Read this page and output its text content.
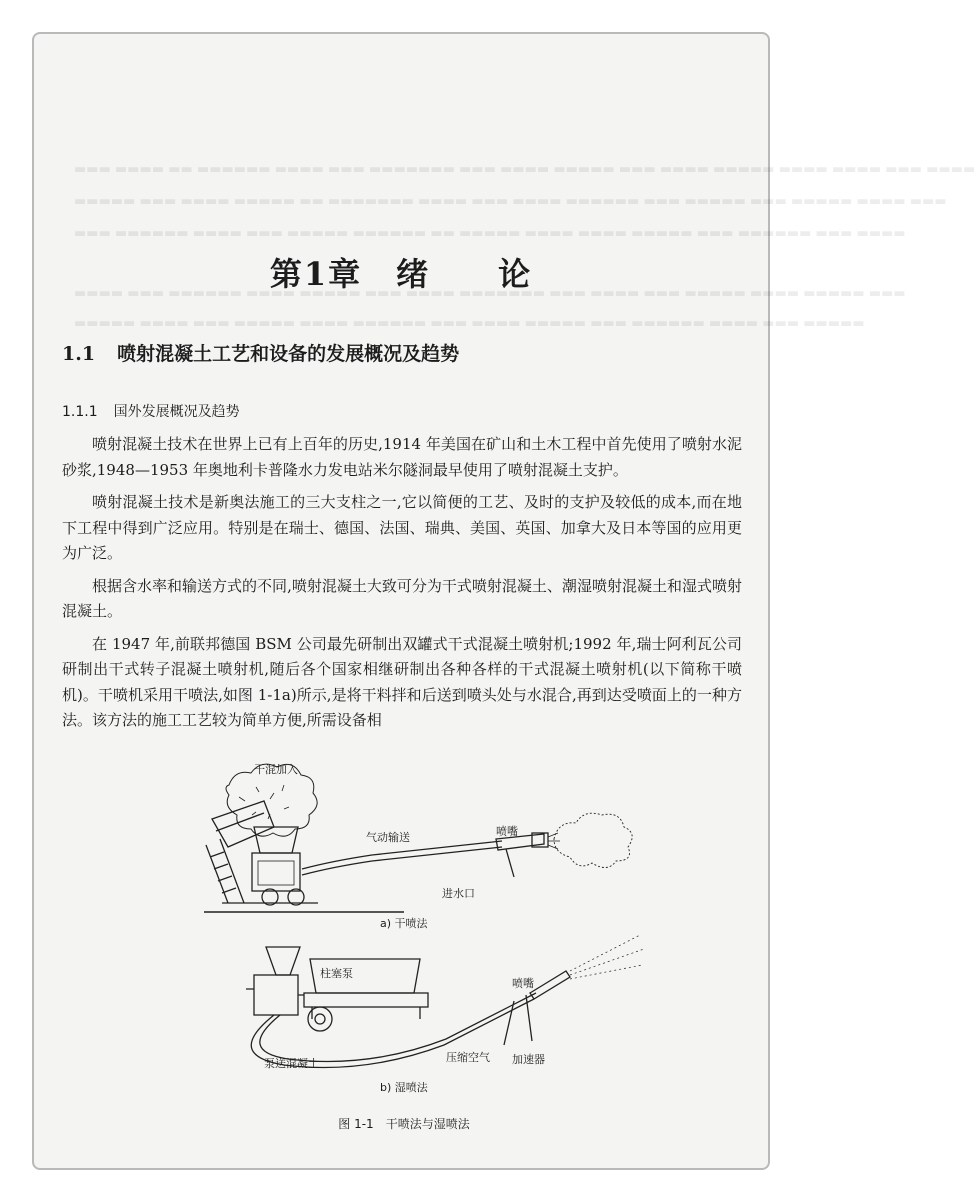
▬▬▬ ▬▬▬▬ ▬▬ ▬▬▬▬▬▬ ▬▬▬▬ ▬▬▬ ▬▬▬▬▬▬▬ ▬▬▬ ▬▬▬▬ ▬▬▬▬▬ ▬▬▬ ▬▬▬▬ ▬▬▬▬▬ ▬▬▬▬ ▬▬▬▬ ▬▬▬ ▬▬▬▬
▬▬▬▬▬ ▬▬▬ ▬▬▬▬ ▬▬▬▬▬ ▬▬ ▬▬▬▬▬▬▬ ▬▬▬▬ ▬▬▬ ▬▬▬▬ ▬▬▬▬▬▬ ▬▬▬ ▬▬▬▬▬ ▬▬▬ ▬▬▬▬▬ ▬▬▬▬ ▬▬▬
▬▬▬ ▬▬▬▬▬▬ ▬▬▬▬ ▬▬▬ ▬▬▬▬▬ ▬▬▬▬▬▬ ▬▬ ▬▬▬▬▬ ▬▬▬▬ ▬▬▬▬ ▬▬▬▬▬ ▬▬▬ ▬▬▬▬▬▬ ▬▬▬ ▬▬▬▬
▬▬▬▬ ▬▬▬ ▬▬▬▬▬▬ ▬▬▬▬ ▬▬▬▬▬ ▬▬▬ ▬▬▬▬ ▬▬▬▬▬▬▬ ▬▬▬ ▬▬▬▬ ▬▬▬ ▬▬▬▬▬ ▬▬▬▬ ▬▬▬▬▬ ▬▬▬
▬▬▬▬▬ ▬▬▬▬ ▬▬▬ ▬▬▬▬▬ ▬▬▬▬ ▬▬▬▬▬▬ ▬▬▬ ▬▬▬▬ ▬▬▬▬▬ ▬▬▬ ▬▬▬▬▬▬ ▬▬▬▬ ▬▬▬ ▬▬▬▬▬
第1章　绪　　论
1.1 喷射混凝土工艺和设备的发展概况及趋势
1.1.1 国外发展概况及趋势

喷射混凝土技术在世界上已有上百年的历史,1914 年美国在矿山和土木工程中首先使用了喷射水泥砂浆,1948—1953 年奥地利卡普隆水力发电站米尔隧洞最早使用了喷射混凝土支护。

喷射混凝土技术是新奥法施工的三大支柱之一,它以简便的工艺、及时的支护及较低的成本,而在地下工程中得到广泛应用。特别是在瑞士、德国、法国、瑞典、美国、英国、加拿大及日本等国的应用更为广泛。

根据含水率和输送方式的不同,喷射混凝土大致可分为干式喷射混凝土、潮湿喷射混凝土和湿式喷射混凝土。

在 1947 年,前联邦德国 BSM 公司最先研制出双罐式干式混凝土喷射机;1992 年,瑞士阿利瓦公司研制出干式转子混凝土喷射机,随后各个国家相继研制出各种各样的干式混凝土喷射机(以下简称干喷机)。干喷机采用干喷法,如图 1-1a)所示,是将干料拌和后送到喷头处与水混合,再到达受喷面上的一种方法。该方法的施工工艺较为简单方便,所需设备相

干混加入
气动输送	喷嘴
进水口
a) 干喷法
柱塞泵
喷嘴
泵送混凝土	压缩空气 加速器
b) 湿喷法
图 1-1　干喷法与湿喷法
